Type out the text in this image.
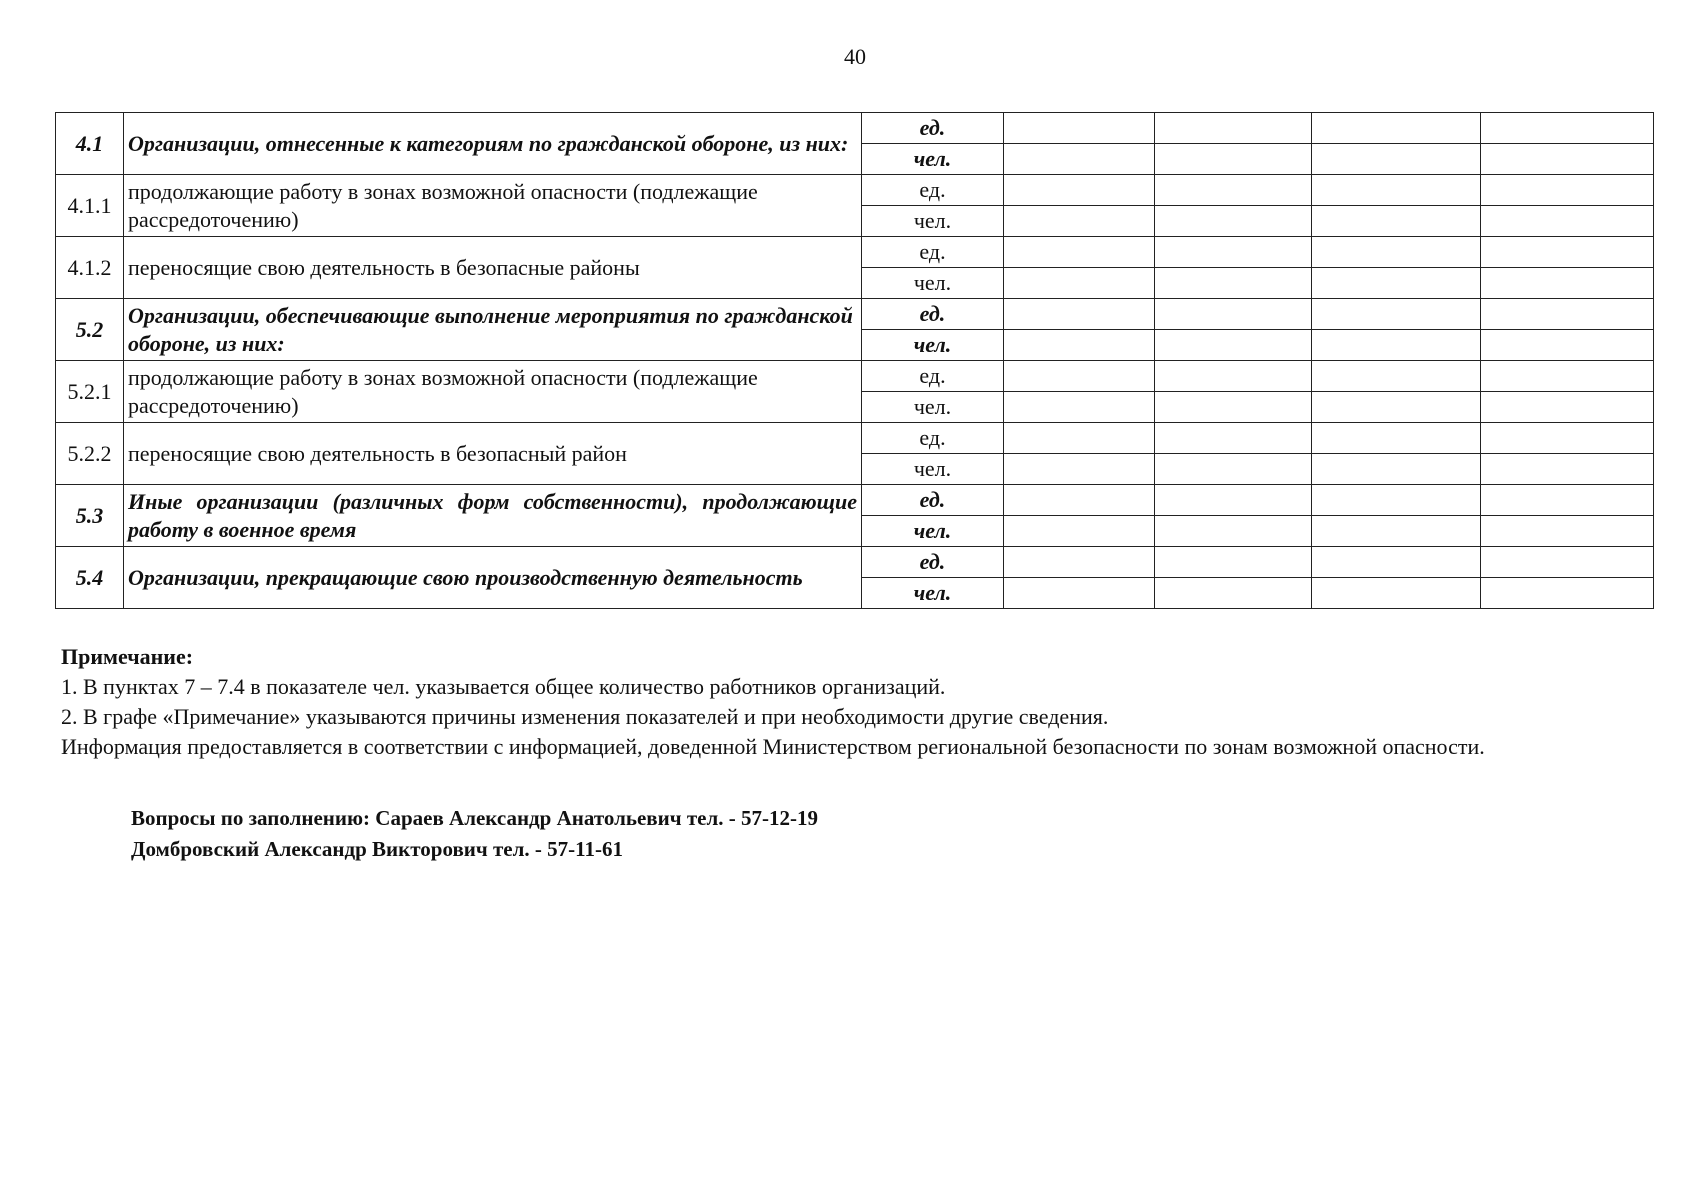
40
4.1	Организации, отнесенные к категориям по гражданской обороне, из них:	ед.					
		чел.					
4.1.1	продолжающие работу в зонах возможной опасности (подлежащие рассредоточению)	ед.					
		чел.					
4.1.2	переносящие свою деятельность в безопасные районы	ед.					
		чел.					
5.2	Организации, обеспечивающие выполнение мероприятия по гражданской обороне, из них:	ед.					
		чел.					
5.2.1	продолжающие работу в зонах возможной опасности (подлежащие рассредоточению)	ед.					
		чел.					
5.2.2	переносящие свою деятельность в безопасный район	ед.					
		чел.					
5.3	Иные организации (различных форм собственности), продолжающие работу в военное время	ед.					
		чел.					
5.4	Организации, прекращающие свою производственную деятельность	ед.					
		чел.					
Примечание:
1. В пунктах 7 – 7.4 в показателе чел. указывается общее количество работников организаций.
2. В графе «Примечание» указываются причины изменения показателей и при необходимости другие сведения.
Информация предоставляется в соответствии с информацией, доведенной Министерством региональной безопасности по зонам возможной опасности.
Вопросы по заполнению: Сараев Александр Анатольевич тел. - 57-12-19
Домбровский Александр Викторович тел. - 57-11-61
